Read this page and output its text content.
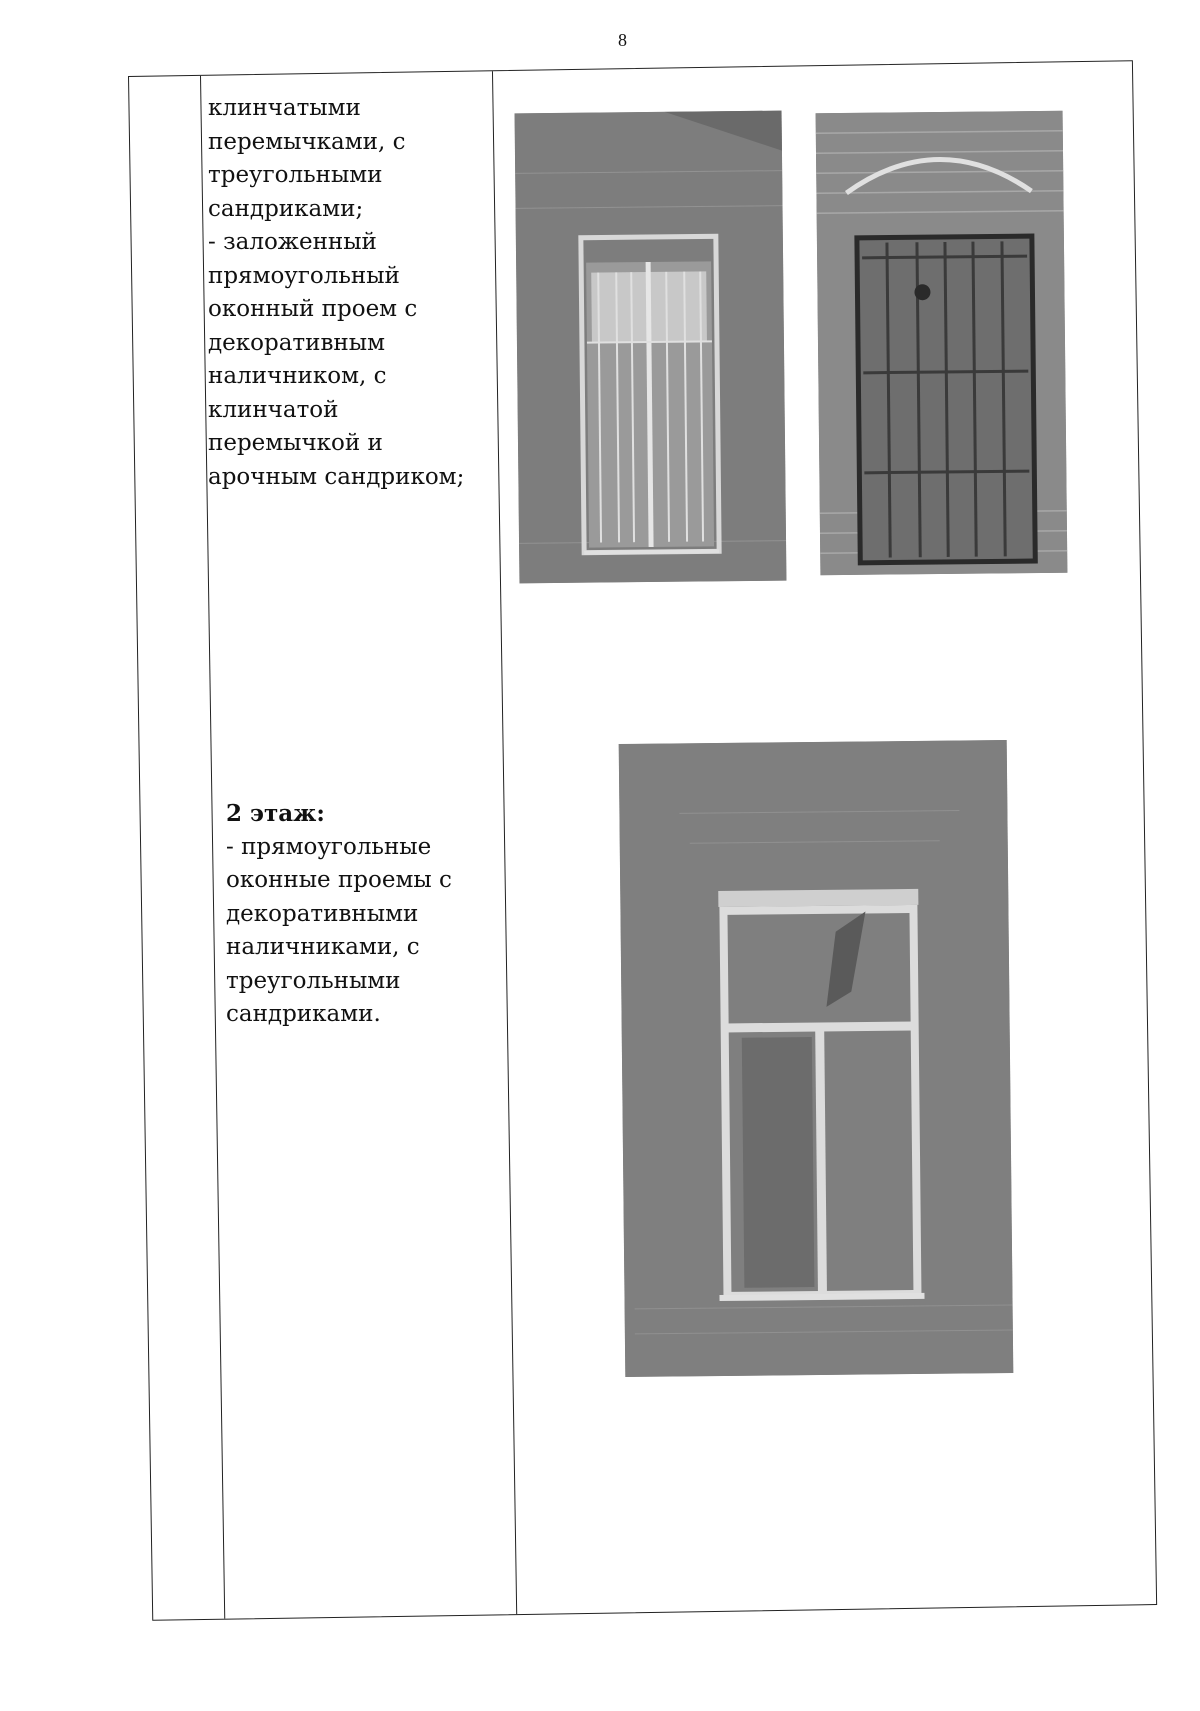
8
клинчатыми
перемычками, с
треугольными
сандриками;
- заложенный
прямоугольный
оконный проем с
декоративным
наличником, с
клинчатой
перемычкой и
арочным сандриком;
2 этаж:
- прямоугольные
оконные проемы с
декоративными
наличниками, с
треугольными
сандриками.
